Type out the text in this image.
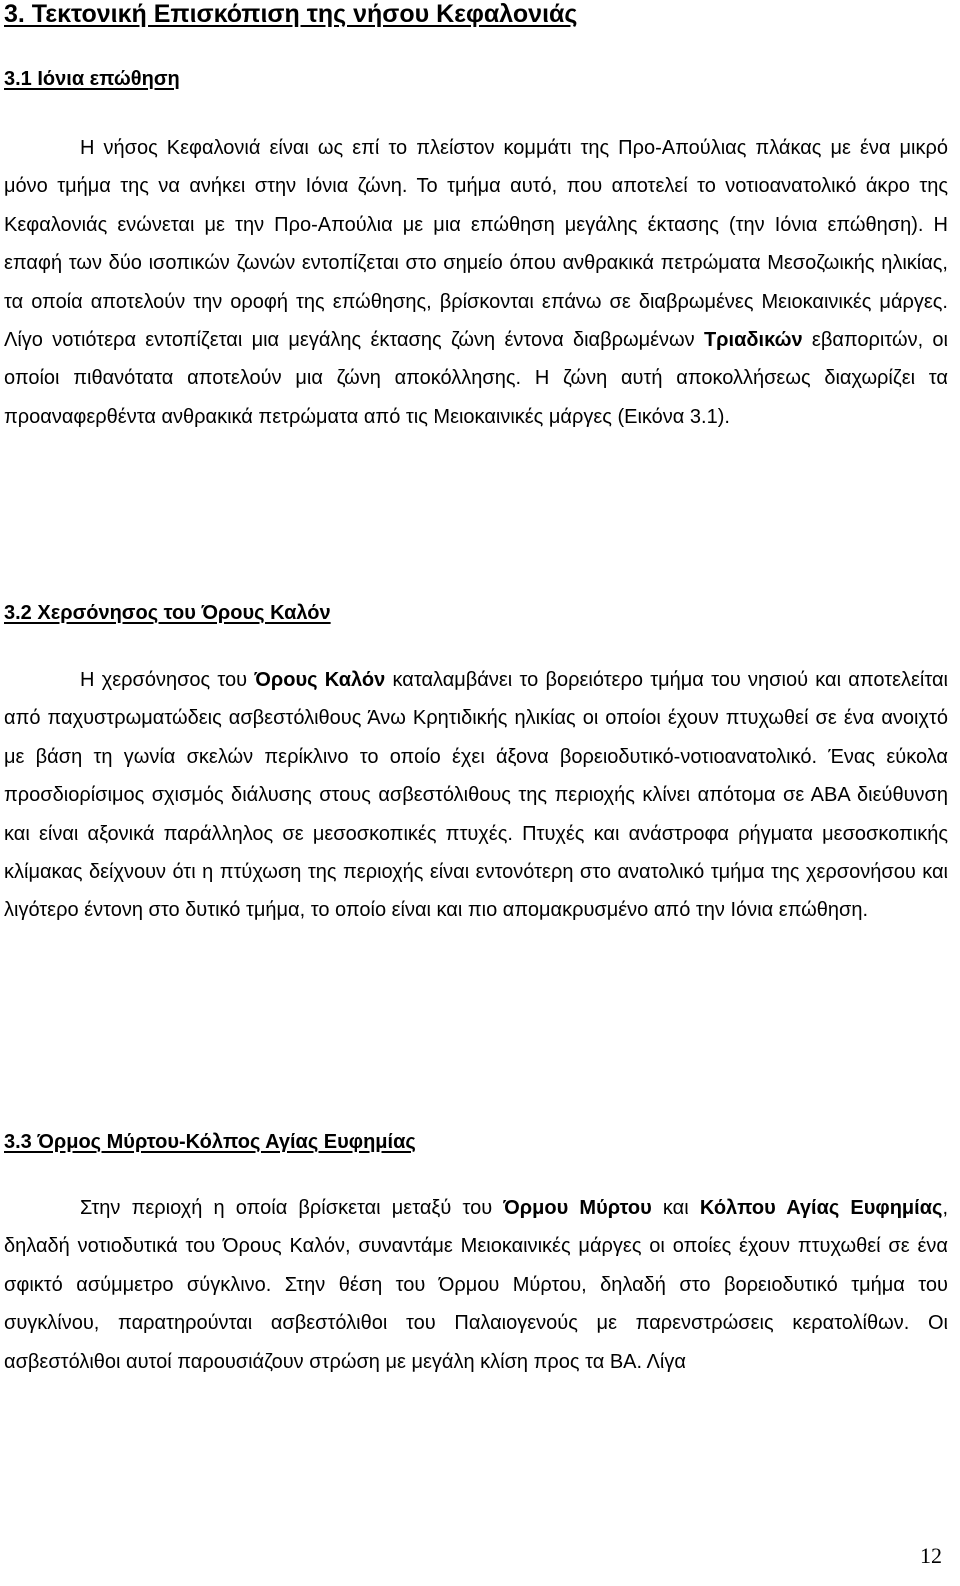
3. Τεκτονική Επισκόπιση της νήσου Κεφαλονιάς
3.1 Ιόνια επώθηση

Η νήσος Κεφαλονιά είναι ως επί το πλείστον κομμάτι της Προ-Απούλιας πλάκας με ένα μικρό μόνο τμήμα της να ανήκει στην Ιόνια ζώνη. Το τμήμα αυτό, που αποτελεί το νοτιοανατολικό άκρο της Κεφαλονιάς ενώνεται με την Προ-Απούλια με μια επώθηση μεγάλης έκτασης (την Ιόνια επώθηση). Η επαφή των δύο ισοπικών ζωνών εντοπίζεται στο σημείο όπου ανθρακικά πετρώματα Μεσοζωικής ηλικίας, τα οποία αποτελούν την οροφή της επώθησης, βρίσκονται επάνω σε διαβρωμένες Μειοκαινικές μάργες. Λίγο νοτιότερα εντοπίζεται μια μεγάλης έκτασης ζώνη έντονα διαβρωμένων Τριαδικών εβαποριτών, οι οποίοι πιθανότατα αποτελούν μια ζώνη αποκόλλησης. Η ζώνη αυτή αποκολλήσεως διαχωρίζει τα προαναφερθέντα ανθρακικά πετρώματα από τις Μειοκαινικές μάργες (Εικόνα 3.1).

3.2 Χερσόνησος του Όρους Καλόν

Η χερσόνησος του Όρους Καλόν καταλαμβάνει το βορειότερο τμήμα του νησιού και αποτελείται από παχυστρωματώδεις ασβεστόλιθους Άνω Κρητιδικής ηλικίας οι οποίοι έχουν πτυχωθεί σε ένα ανοιχτό με βάση τη γωνία σκελών περίκλινο το οποίο έχει άξονα βορειοδυτικό-νοτιοανατολικό. Ένας εύκολα προσδιορίσιμος σχισμός διάλυσης στους ασβεστόλιθους της περιοχής κλίνει απότομα σε ΑΒΑ διεύθυνση και είναι αξονικά παράλληλος σε μεσοσκοπικές πτυχές. Πτυχές και ανάστροφα ρήγματα μεσοσκοπικής κλίμακας δείχνουν ότι η πτύχωση της περιοχής είναι εντονότερη στο ανατολικό τμήμα της χερσονήσου και λιγότερο έντονη στο δυτικό τμήμα, το οποίο είναι και πιο απομακρυσμένο από την Ιόνια επώθηση.

3.3 Όρμος Μύρτου-Κόλπος Αγίας Ευφημίας

Στην περιοχή η οποία βρίσκεται μεταξύ του Όρμου Μύρτου και Κόλπου Αγίας Ευφημίας, δηλαδή νοτιοδυτικά του Όρους Καλόν, συναντάμε Μειοκαινικές μάργες οι οποίες έχουν πτυχωθεί σε ένα σφικτό ασύμμετρο σύγκλινο. Στην θέση του Όρμου Μύρτου, δηλαδή στο βορειοδυτικό τμήμα του συγκλίνου, παρατηρούνται ασβεστόλιθοι του Παλαιογενούς με παρενστρώσεις κερατολίθων. Οι ασβεστόλιθοι αυτοί παρουσιάζουν στρώση με μεγάλη κλίση προς τα ΒΑ. Λίγα

12
